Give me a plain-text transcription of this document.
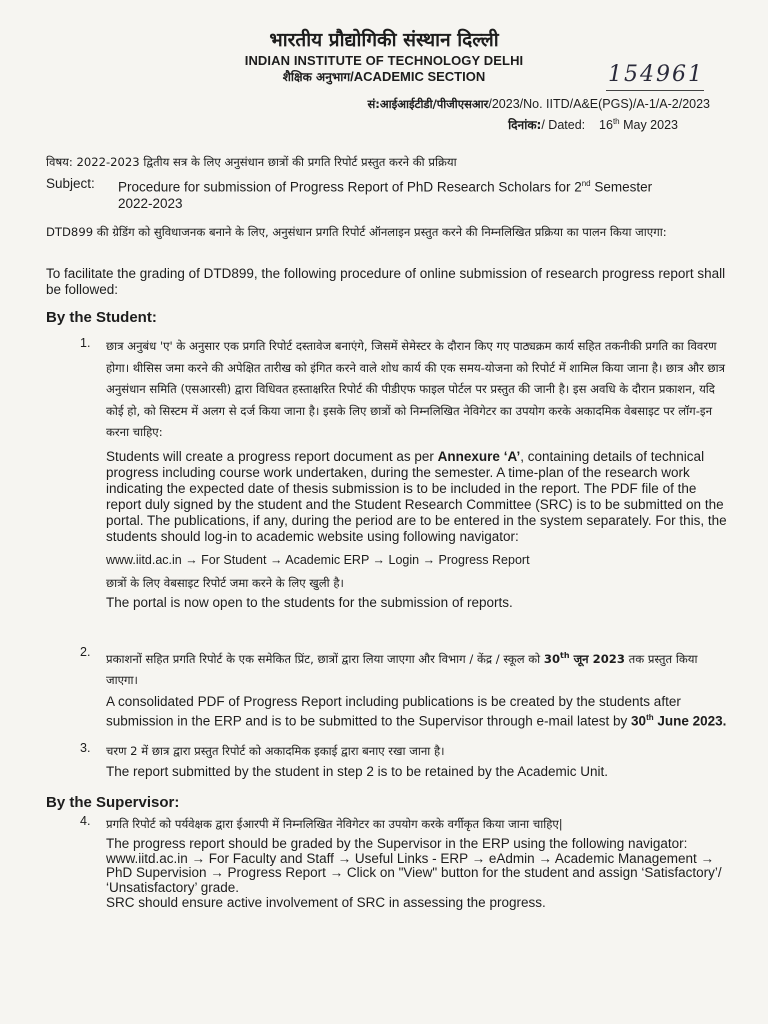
भारतीय प्रौद्योगिकी संस्थान दिल्ली
INDIAN INSTITUTE OF TECHNOLOGY DELHI
शैक्षिक अनुभाग/ACADEMIC SECTION	154961
सं:आईआईटीडी/पीजीएसआर/2023/No. IITD/A&E(PGS)/A-1/A-2/2023
दिनांक:/ Dated: 16th May 2023
विषय: 2022-2023 द्वितीय सत्र के लिए अनुसंधान छात्रों की प्रगति रिपोर्ट प्रस्तुत करने की प्रक्रिया
Subject:	Procedure for submission of Progress Report of PhD Research Scholars for 2nd Semester
2022-2023
DTD899 की ग्रेडिंग को सुविधाजनक बनाने के लिए, अनुसंधान प्रगति रिपोर्ट ऑनलाइन प्रस्तुत करने की निम्नलिखित प्रक्रिया का पालन किया जाएगा:
To facilitate the grading of DTD899, the following procedure of online submission of research progress report shall be followed:
By the Student:
1. छात्र अनुबंध 'ए' के अनुसार एक प्रगति रिपोर्ट दस्तावेज बनाएंगे, जिसमें सेमेस्टर के दौरान किए गए पाठ्यक्रम कार्य सहित तकनीकी प्रगति का विवरण होगा। थीसिस जमा करने की अपेक्षित तारीख को इंगित करने वाले शोध कार्य की एक समय-योजना को रिपोर्ट में शामिल किया जाना है। छात्र और छात्र अनुसंधान समिति (एसआरसी) द्वारा विधिवत हस्ताक्षरित रिपोर्ट की पीडीएफ फाइल पोर्टल पर प्रस्तुत की जानी है। इस अवधि के दौरान प्रकाशन, यदि कोई हो, को सिस्टम में अलग से दर्ज किया जाना है। इसके लिए छात्रों को निम्नलिखित नेविगेटर का उपयोग करके अकादमिक वेबसाइट पर लॉग-इन करना चाहिए:
Students will create a progress report document as per Annexure ‘A’, containing details of technical progress including course work undertaken, during the semester. A time-plan of the research work indicating the expected date of thesis submission is to be included in the report. The PDF file of the report duly signed by the student and the Student Research Committee (SRC) is to be submitted on the portal. The publications, if any, during the period are to be entered in the system separately. For this, the students should log-in to academic website using following navigator:
www.iitd.ac.in → For Student → Academic ERP → Login → Progress Report
छात्रों के लिए वेबसाइट रिपोर्ट जमा करने के लिए खुली है।
The portal is now open to the students for the submission of reports.
2. प्रकाशनों सहित प्रगति रिपोर्ट के एक समेकित प्रिंट, छात्रों द्वारा लिया जाएगा और विभाग / केंद्र / स्कूल को 30th जून 2023 तक प्रस्तुत किया जाएगा।
A consolidated PDF of Progress Report including publications is be created by the students after submission in the ERP and is to be submitted to the Supervisor through e-mail latest by 30th June 2023.
3. चरण 2 में छात्र द्वारा प्रस्तुत रिपोर्ट को अकादमिक इकाई द्वारा बनाए रखा जाना है।
The report submitted by the student in step 2 is to be retained by the Academic Unit.
By the Supervisor:
4. प्रगति रिपोर्ट को पर्यवेक्षक द्वारा ईआरपी में निम्नलिखित नेविगेटर का उपयोग करके वर्गीकृत किया जाना चाहिए|
The progress report should be graded by the Supervisor in the ERP using the following navigator:
www.iitd.ac.in → For Faculty and Staff → Useful Links - ERP → eAdmin → Academic Management → PhD Supervision → Progress Report → Click on "View" button for the student and assign ‘Satisfactory’/ ‘Unsatisfactory’ grade.
SRC should ensure active involvement of SRC in assessing the progress.
